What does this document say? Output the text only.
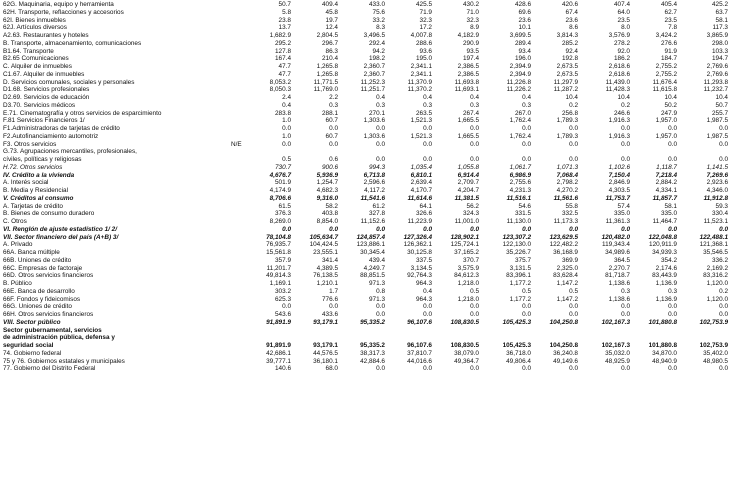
62G. Maquinaria, equipo y herramienta		50.7	409.4	433.0	425.5	430.2	428.6	420.6	407.4	405.4	425.2
62H. Transporte, reflacciones y accesorios		5.8	45.8	75.6	71.9	71.0	69.6	67.4	64.0	62.7	63.7
62I. Bienes inmuebles		23.8	19.7	33.2	32.3	32.3	23.6	23.6	23.5	23.5	58.1
62J. Artículos diversos		13.7	12.4	8.3	17.2	8.9	10.1	8.6	8.0	7.8	117.3
A2.63. Restaurantes y hoteles		1,682.9	2,804.5	3,496.5	4,007.8	4,182.9	3,699.5	3,814.3	3,576.9	3,424.2	3,865.9
B. Transporte, almacenamiento, comunicaciones		295.2	296.7	292.4	288.6	290.9	289.4	285.2	278.2	276.6	298.0
B1.64. Transporte		127.8	86.3	94.2	93.6	93.5	93.4	92.4	92.0	91.9	103.3
B2.65 Comunicaciones		167.4	210.4	198.2	195.0	197.4	196.0	192.8	186.2	184.7	194.7
C. Alquiler de inmuebles		47.7	1,265.8	2,360.7	2,341.1	2,386.5	2,394.9	2,673.5	2,618.6	2,755.2	2,769.6
C1.67. Alquiler de inmuebles		47.7	1,265.8	2,360.7	2,341.1	2,386.5	2,394.9	2,673.5	2,618.6	2,755.2	2,769.6
D. Servicios comunales, sociales y personales		8,053.2	11,771.5	11,252.3	11,370.9	11,693.8	11,226.8	11,297.9	11,439.0	11,676.4	11,293.8
D1.68. Servicios profesionales		8,050.3	11,769.0	11,251.7	11,370.2	11,693.1	11,226.2	11,287.2	11,428.3	11,615.8	11,232.7
D2.69. Servicios de educación		2.4	2.2	0.4	0.4	0.4	0.4	10.4	10.4	10.4	10.4
D3.70. Servicios médicos		0.4	0.3	0.3	0.3	0.3	0.3	0.2	0.2	50.2	50.7
E.71. Cinematografía y otros servicios de esparcimiento		283.8	288.1	270.1	263.5	267.4	267.0	256.8	246.6	247.9	255.7
F.81 Servicios Financieros 1/		1.0	60.7	1,303.6	1,521.3	1,665.5	1,762.4	1,789.3	1,916.3	1,957.0	1,987.5
F1.Administradoras de tarjetas de crédito		0.0	0.0	0.0	0.0	0.0	0.0	0.0	0.0	0.0	0.0
F2.Autofinanciamiento automotriz		1.0	60.7	1,303.6	1,521.3	1,665.5	1,762.4	1,789.3	1,916.3	1,957.0	1,987.5
F3. Otros servicios	N/E	0.0	0.0	0.0	0.0	0.0	0.0	0.0	0.0	0.0	0.0
G.73. Agrupaciones mercantiles, profesionales,											
cíviles, políticas y religiosas		0.5	0.6	0.0	0.0	0.0	0.0	0.0	0.0	0.0	0.0
H.72. Otros servicios		730.7	900.6	994.3	1,035.4	1,055.8	1,061.7	1,071.3	1,102.6	1,118.7	1,141.5
IV. Crédito a la vivienda		4,676.7	5,936.9	6,713.8	6,810.1	6,914.4	6,986.9	7,068.4	7,150.4	7,218.4	7,269.6
A. Interés social		501.9	1,254.7	2,596.6	2,639.4	2,709.7	2,755.6	2,798.2	2,846.9	2,884.2	2,923.6
B. Media y Residencial		4,174.9	4,682.3	4,117.2	4,170.7	4,204.7	4,231.3	4,270.2	4,303.5	4,334.1	4,346.0
V. Créditos al consumo		8,706.6	9,316.0	11,541.6	11,614.6	11,381.5	11,516.1	11,561.6	11,753.7	11,857.7	11,912.8
A. Tarjetas de crédito		61.5	58.2	61.2	64.1	56.2	54.6	55.8	57.4	58.1	59.3
B. Bienes de consumo duradero		376.3	403.8	327.8	326.6	324.3	331.5	332.5	335.0	335.0	330.4
C. Otros		8,269.0	8,854.0	11,152.6	11,223.9	11,001.0	11,130.0	11,173.3	11,361.3	11,464.7	11,523.1
VI. Renglón de ajuste estadístico 1/ 2/		0.0	0.0	0.0	0.0	0.0	0.0	0.0	0.0	0.0	0.0
VII. Sector financiero del país (A+B) 3/		78,104.8	105,634.7	124,857.4	127,326.4	128,902.1	123,307.2	123,629.5	120,482.0	122,048.8	122,488.1
A. Privado		76,935.7	104,424.5	123,886.1	126,362.1	125,724.1	122,130.0	122,482.2	119,343.4	120,911.9	121,368.1
66A. Banca múltiple		15,561.8	23,555.1	30,345.4	30,125.8	37,165.2	35,226.7	36,168.9	34,989.6	34,939.3	35,546.5
66B. Uniones de crédito		357.9	341.4	439.4	337.5	370.7	375.7	369.9	364.5	354.2	336.2
66C. Empresas de factoraje		11,201.7	4,389.5	4,249.7	3,134.5	3,575.9	3,131.5	2,325.0	2,270.7	2,174.6	2,169.2
66D. Otros servicios financieros		49,814.3	76,138.5	88,851.5	92,764.3	84,612.3	83,396.1	83,628.4	81,718.7	83,443.9	83,316.2
B. Público		1,169.1	1,210.1	971.3	964.3	1,218.0	1,177.2	1,147.2	1,138.6	1,136.9	1,120.0
66E. Banca de desarrollo		303.2	1.7	0.8	0.4	0.5	0.5	0.5	0.3	0.3	0.2
66F. Fondos y fideicomisos		625.3	776.6	971.3	964.3	1,218.0	1,177.2	1,147.2	1,138.6	1,136.9	1,120.0
66G. Uniones de crédito		0.0	0.0	0.0	0.0	0.0	0.0	0.0	0.0	0.0	0.0
66H. Otros servicios financieros		543.6	433.6	0.0	0.0	0.0	0.0	0.0	0.0	0.0	0.0
VIII. Sector público		91,891.9	93,179.1	95,335.2	96,107.6	108,830.5	105,425.3	104,250.8	102,167.3	101,880.8	102,753.9
Sector gubernamental, servicios											
de administración pública, defensa y											
seguridad social		91,891.9	93,179.1	95,335.2	96,107.6	108,830.5	105,425.3	104,250.8	102,167.3	101,880.8	102,753.9
74. Gobierno federal		42,686.1	44,576.5	38,317.3	37,810.7	38,079.0	36,718.0	36,240.8	35,032.0	34,870.0	35,402.0
75 y 76. Gobiernos estatales y municipales		39,777.1	36,180.1	42,884.6	44,016.6	49,364.7	49,806.4	49,149.6	48,925.9	48,940.9	48,980.5
77. Gobierno del Distrito Federal		140.6	68.0	0.0	0.0	0.0	0.0	0.0	0.0	0.0	0.0
